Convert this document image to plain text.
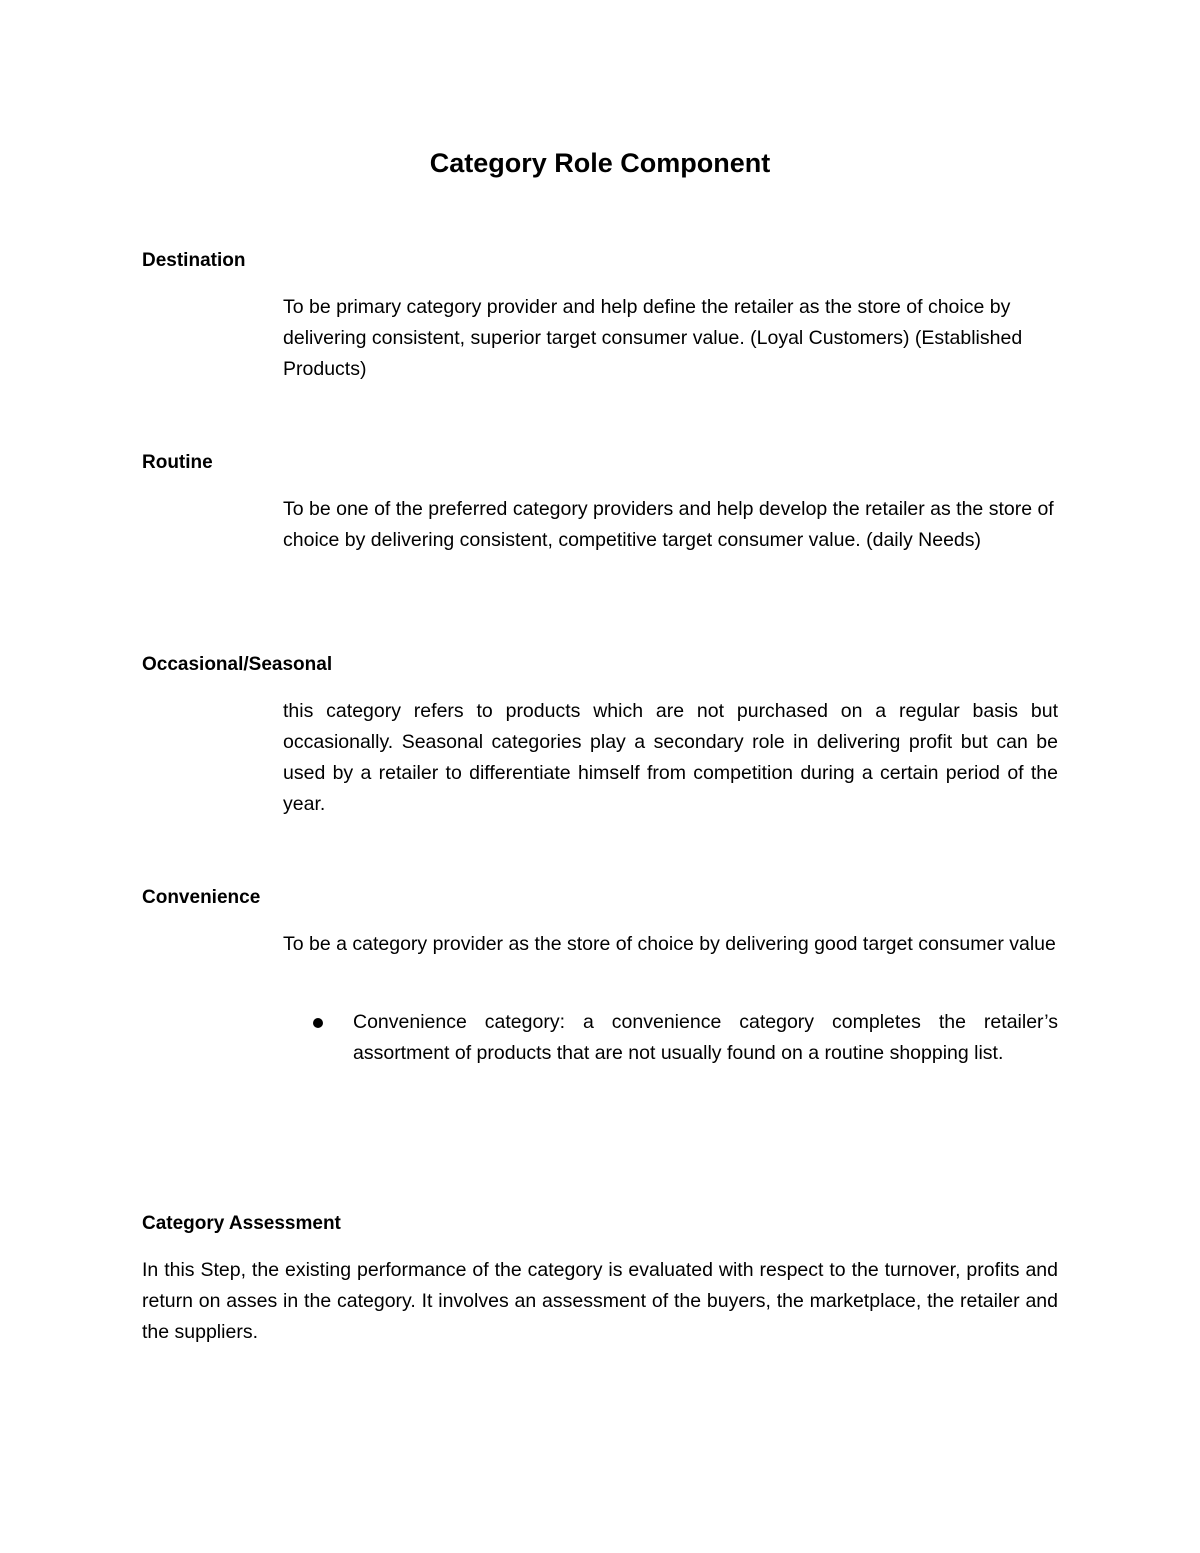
Category Role Component
Destination

To be primary category provider and help define the retailer as the store of choice by delivering consistent, superior target consumer value. (Loyal Customers) (Established Products)

Routine

To be one of the preferred category providers and help develop the retailer as the store of choice by delivering consistent, competitive target consumer value. (daily Needs)

Occasional/Seasonal

this category refers to products which are not purchased on a regular basis but occasionally. Seasonal categories play a secondary role in delivering profit but can be used by a retailer to differentiate himself from competition during a certain period of the year.

Convenience

To be a category provider as the store of choice by delivering good target consumer value

Convenience category: a convenience category completes the retailer’s assortment of products that are not usually found on a routine shopping list.

Category Assessment

In this Step, the existing performance of the category is evaluated with respect to the turnover, profits and return on asses in the category. It involves an assessment of the buyers, the marketplace, the retailer and the suppliers.
